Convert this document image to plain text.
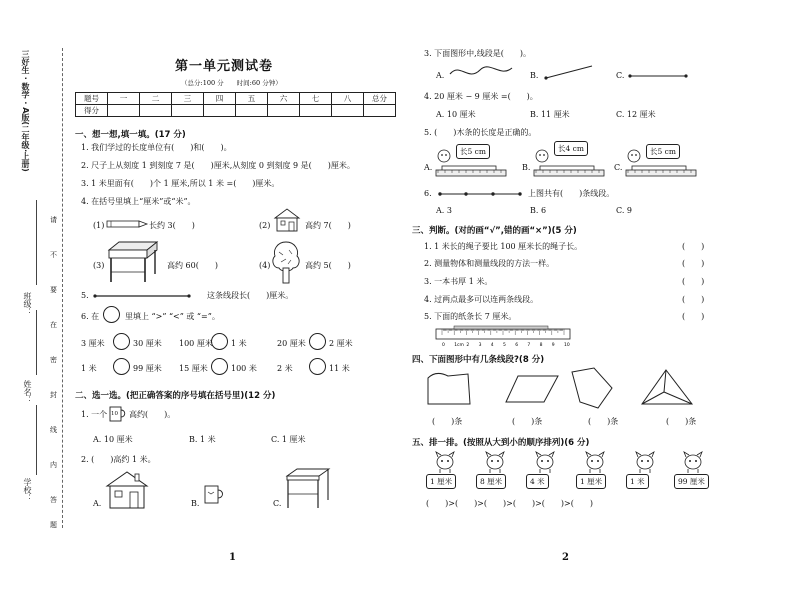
三好生 · 数学 · A版(二年级·上册)
班级：
姓名：
学校：
请
不
要
在
密
封
线
内
答
题
第一单元测试卷
（总分:100 分　　时间:60 分钟）
题号	一	二	三	四	五	六	七	八	总分
得分									
一、想一想,填一填。(17 分)
1. 我们学过的长度单位有(　　)和(　　)。
2. 尺子上从刻度 1 到刻度 7 是(　　)厘米,从刻度 0 到刻度 9 是(　　)厘米。
3. 1 米里面有(　　)个 1 厘米,所以 1 米 =(　　)厘米。
4. 在括号里填上“厘米”或“米”。
(1)	长约 3(　　)	(2)	高约 7(　　)
(3)	高约 60(　　)	(4)	高约 5(　　)
5.	这条线段长(　　)厘米。
6. 在	里填上 “>” “<” 或 “=”。
3 厘米	30 厘米 100 厘米 1 米	20 厘米	2 厘米
1 米	99 厘米 15 厘米	100 米	2 米	11 米
二、选一选。(把正确答案的序号填在括号里)(12 分)
1. 一个 10 高约(　　)。
A. 10 厘米	B. 1 米	C. 1 厘米
2. (　　)高约 1 米。
A.	B.	C.
1
3. 下面图形中,线段是(　　)。
A.	B.	C.
4. 20 厘米 − 9 厘米 =(　　)。
A. 10 厘米	B. 11 厘米	C. 12 厘米
5. (　　)木条的长度是正确的。
A.
长5 cm
B.
长4 cm
C.
长5 cm
6.	上图共有(　　)条线段。
A. 3	B. 6	C. 9
三、判断。(对的画“√”,错的画“×”)(5 分)
1. 1 米长的绳子要比 100 厘米长的绳子长。	(　　)
2. 测量物体和测量线段的方法一样。	(　　)
3. 一本书厚 1 米。	(　　)
4. 过两点最多可以连两条线段。	(　　)
5. 下面的纸条长 7 厘米。	(　　)
0 1cm 2 3 4 5 6 7 8 9 10
四、下面图形中有几条线段?(8 分)
(　　)条	(　　)条	(　　)条	(　　)条
五、排一排。(按照从大到小的顺序排列)(6 分)
1 厘米	8 厘米	4 米	1 厘米	1 米	99 厘米
(　　)>(　　)>(　　)>(　　)>(　　)>(　　)
2
